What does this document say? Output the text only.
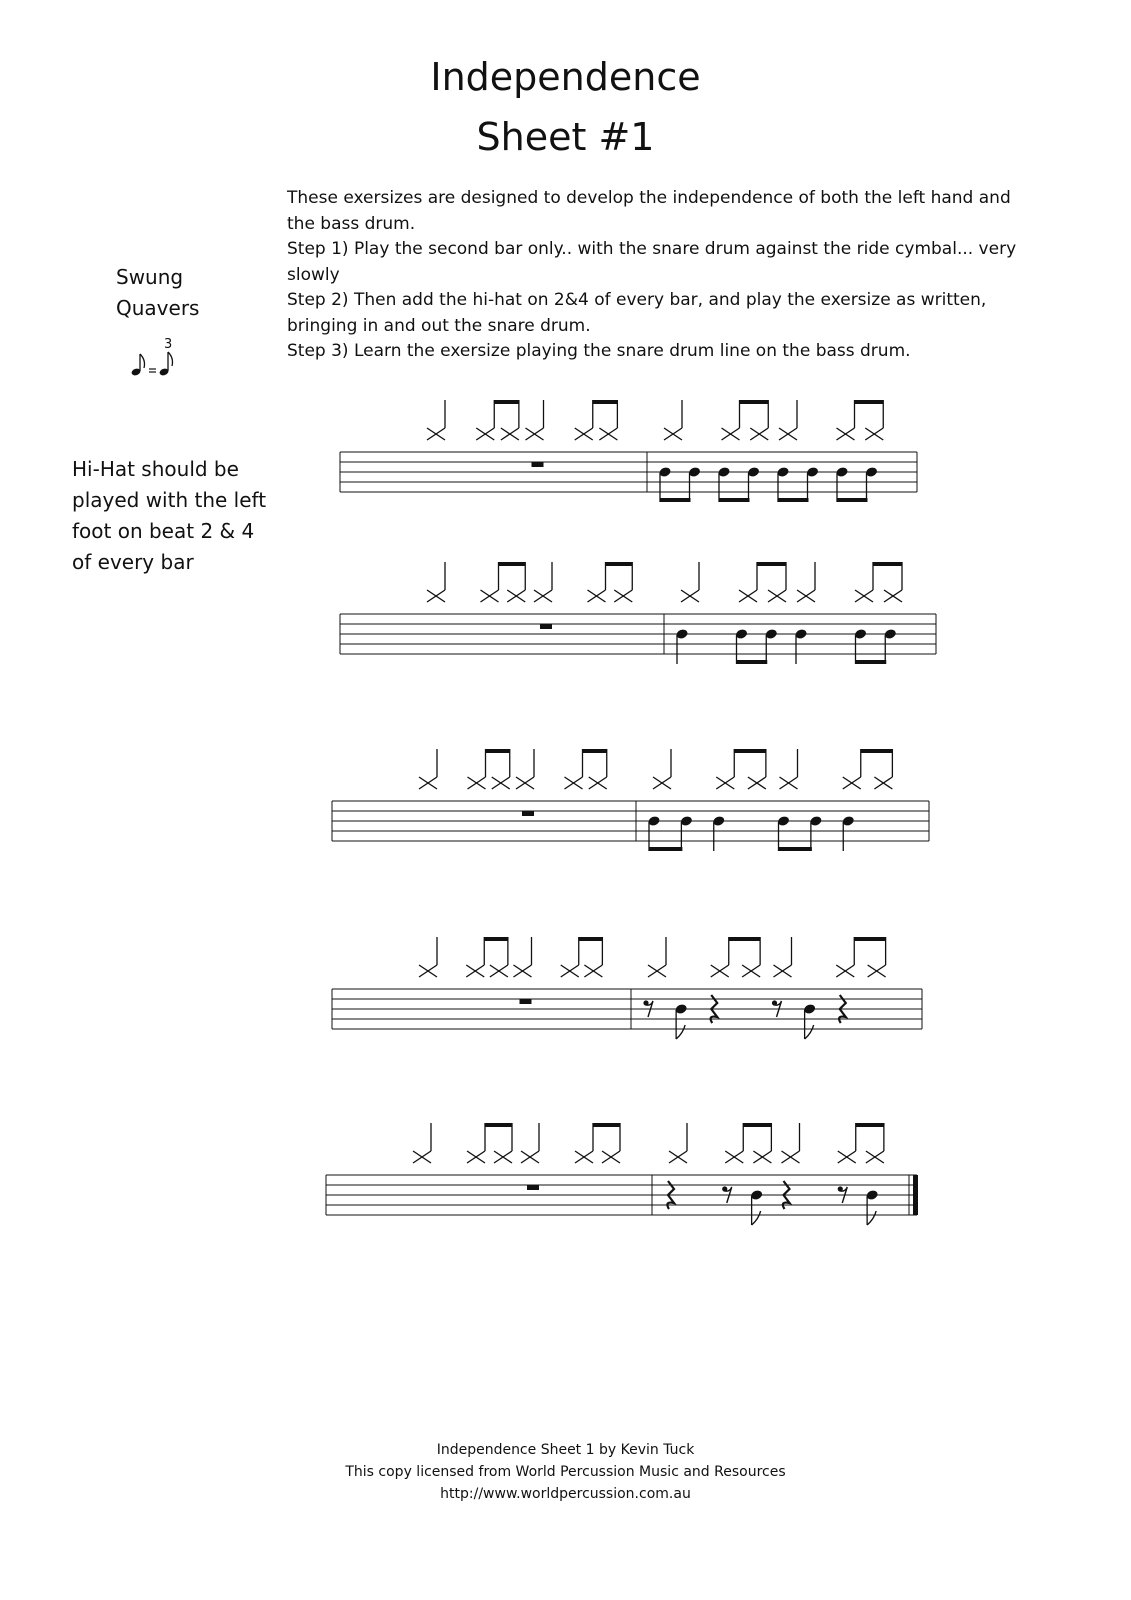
Independence
Sheet #1
These exersizes are designed to develop the independence of both the left hand and the bass drum.
Step 1) Play the second bar only.. with the snare drum against the ride cymbal... very slowly
Step 2) Then add the hi-hat on 2&4 of every bar, and play the exersize as written, bringing in and out the snare drum.
Step 3) Learn the exersize playing the snare drum line on the bass drum.
Swung
Quavers
3
Hi-Hat should be
played with the left
foot on beat 2 & 4
of every bar
Independence Sheet 1 by Kevin Tuck
This copy licensed from World Percussion Music and Resources
http://www.worldpercussion.com.au
